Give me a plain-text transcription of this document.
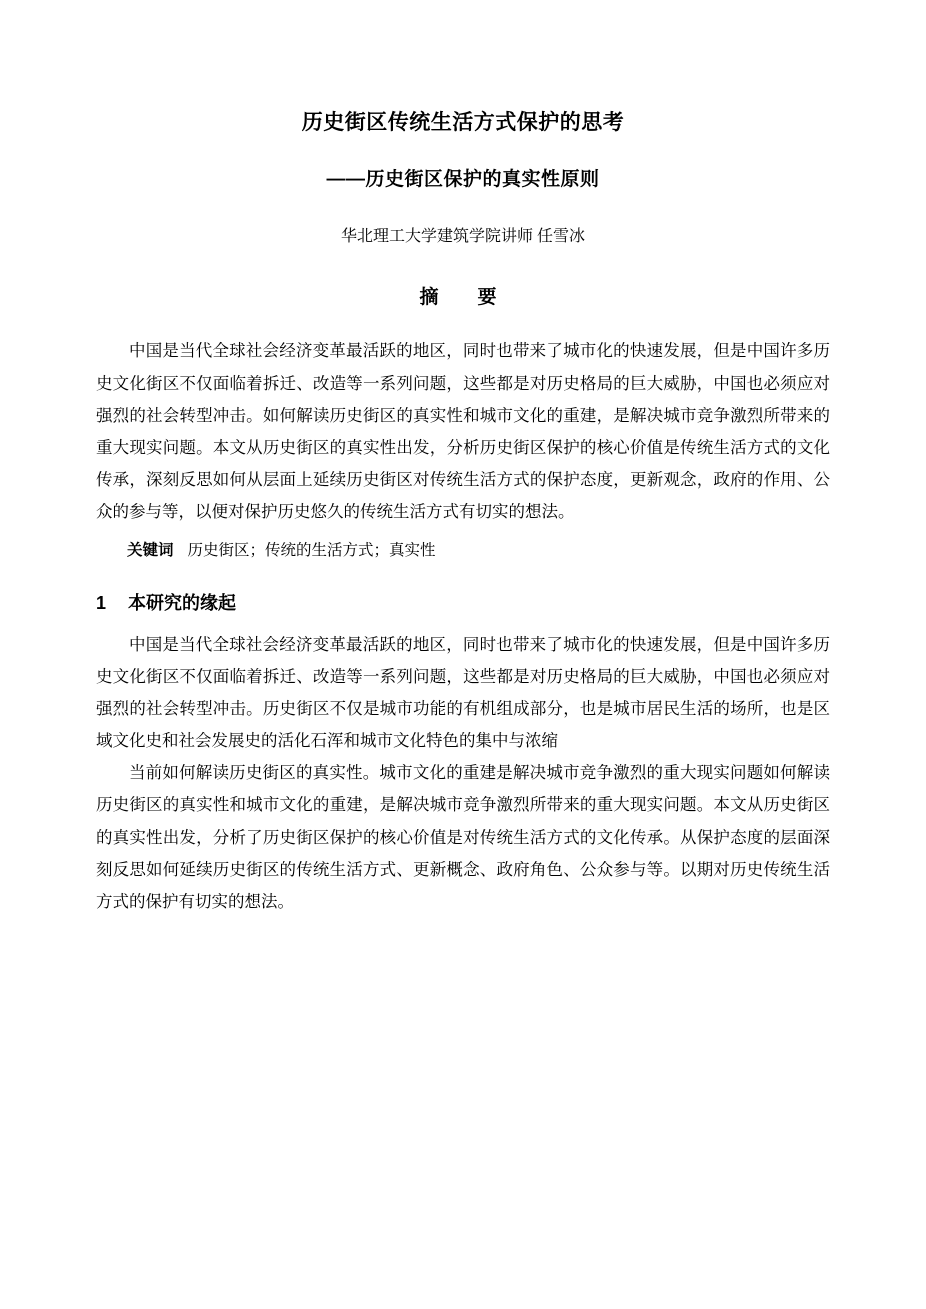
历史街区传统生活方式保护的思考
——历史街区保护的真实性原则
华北理工大学建筑学院讲师 任雪冰
摘　要

中国是当代全球社会经济变革最活跃的地区，同时也带来了城市化的快速发展，但是中国许多历史文化街区不仅面临着拆迁、改造等一系列问题，这些都是对历史格局的巨大威胁，中国也必须应对强烈的社会转型冲击。如何解读历史街区的真实性和城市文化的重建，是解决城市竞争激烈所带来的重大现实问题。本文从历史街区的真实性出发，分析历史街区保护的核心价值是传统生活方式的文化传承，深刻反思如何从层面上延续历史街区对传统生活方式的保护态度，更新观念，政府的作用、公众的参与等，以便对保护历史悠久的传统生活方式有切实的想法。

关键词 历史街区；传统的生活方式；真实性

1 本研究的缘起

中国是当代全球社会经济变革最活跃的地区，同时也带来了城市化的快速发展，但是中国许多历史文化街区不仅面临着拆迁、改造等一系列问题，这些都是对历史格局的巨大威胁，中国也必须应对强烈的社会转型冲击。历史街区不仅是城市功能的有机组成部分，也是城市居民生活的场所，也是区域文化史和社会发展史的活化石浑和城市文化特色的集中与浓缩

当前如何解读历史街区的真实性。城市文化的重建是解决城市竞争激烈的重大现实问题如何解读历史街区的真实性和城市文化的重建，是解决城市竞争激烈所带来的重大现实问题。本文从历史街区的真实性出发，分析了历史街区保护的核心价值是对传统生活方式的文化传承。从保护态度的层面深刻反思如何延续历史街区的传统生活方式、更新概念、政府角色、公众参与等。以期对历史传统生活方式的保护有切实的想法。
